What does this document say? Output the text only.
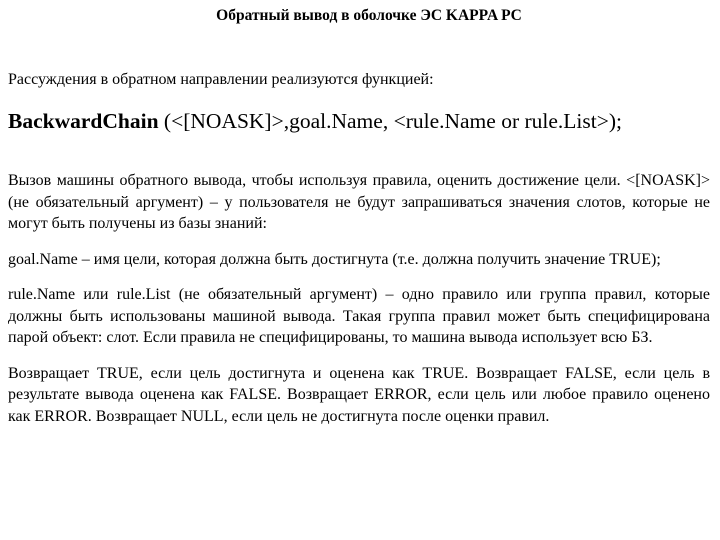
Обратный вывод в оболочке ЭС KAPPA PC

Рассуждения в обратном направлении реализуются функцией:

BackwardChain (<[NOASK]>,goal.Name, <rule.Name or rule.List>);

Вызов машины обратного вывода, чтобы используя правила, оценить достижение цели. <[NOASK]> (не обязательный аргумент) – у пользователя не будут запрашиваться значения слотов, которые не могут быть получены из базы знаний:

goal.Name – имя цели, которая должна быть достигнута (т.е. должна получить значение TRUE);

rule.Name или rule.List (не обязательный аргумент) – одно правило или группа правил, которые должны быть использованы машиной вывода. Такая группа правил может быть специфицирована парой объект: слот. Если правила не специфицированы, то машина вывода использует всю БЗ.

Возвращает TRUE, если цель достигнута и оценена как TRUE. Возвращает FALSE, если цель в результате вывода оценена как FALSE. Возвращает ERROR, если цель или любое правило оценено как ERROR. Возвращает NULL, если цель не достигнута после оценки правил.
